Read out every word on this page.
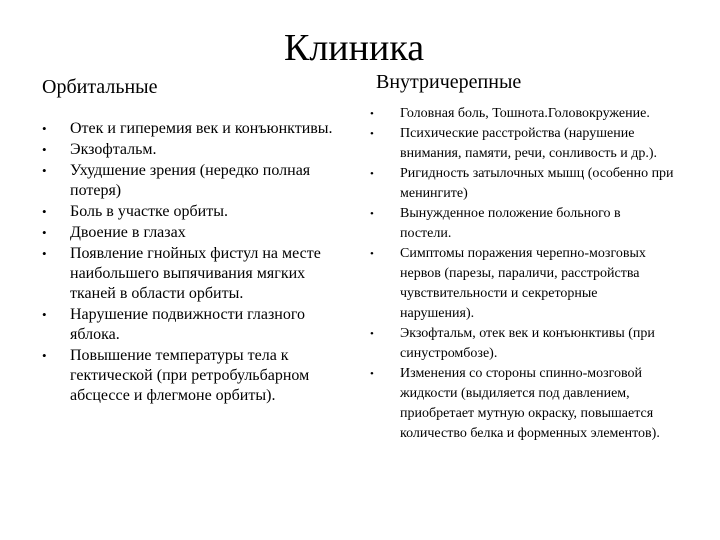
Клиника
Орбитальные	Внутричерепные
• Отек и гиперемия век и конъюнктивы.
• Экзофтальм.
• Ухудшение зрения (нередко полная потеря)
• Боль в участке орбиты.
• Двоение в глазах
• Появление гнойных фистул на месте наибольшего выпячивания мягких тканей в области орбиты.
• Нарушение подвижности глазного яблока.
• Повышение температуры тела к гектической (при ретробульбарном абсцессе и флегмоне орбиты).
• Головная боль, Тошнота.Головокружение.
• Психические расстройства (нарушение внимания, памяти, речи, сонливость и др.).
• Ригидность затылочных мышц (особенно при менингите)
• Вынужденное положение больного в постели.
• Симптомы поражения черепно-мозговых нервов (парезы, параличи, расстройства чувствительности и секреторные нарушения).
• Экзофтальм, отек век и конъюнктивы (при синустромбозе).
• Изменения со стороны спинно-мозговой жидкости (выдиляется под давлением, приобретает мутную окраску, повышается количество белка и форменных элементов).
